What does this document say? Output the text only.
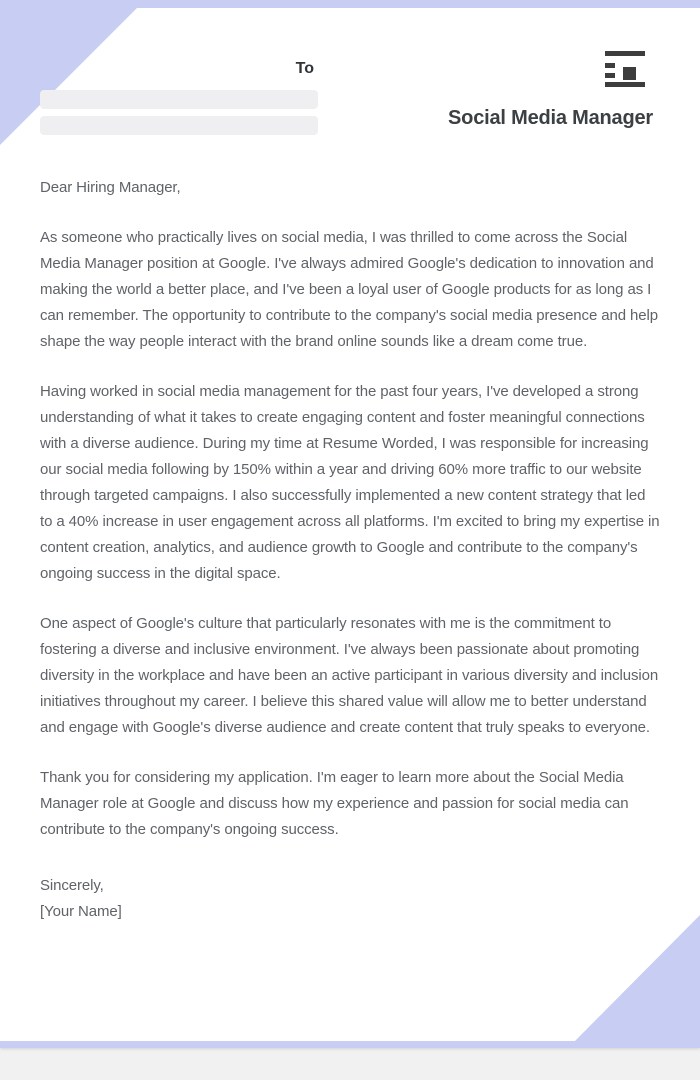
To
Social Media Manager

Dear Hiring Manager,

As someone who practically lives on social media, I was thrilled to come across the Social Media Manager position at Google. I've always admired Google's dedication to innovation and making the world a better place, and I've been a loyal user of Google products for as long as I can remember. The opportunity to contribute to the company's social media presence and help shape the way people interact with the brand online sounds like a dream come true.

Having worked in social media management for the past four years, I've developed a strong understanding of what it takes to create engaging content and foster meaningful connections with a diverse audience. During my time at Resume Worded, I was responsible for increasing our social media following by 150% within a year and driving 60% more traffic to our website through targeted campaigns. I also successfully implemented a new content strategy that led to a 40% increase in user engagement across all platforms. I'm excited to bring my expertise in content creation, analytics, and audience growth to Google and contribute to the company's ongoing success in the digital space.

One aspect of Google's culture that particularly resonates with me is the commitment to fostering a diverse and inclusive environment. I've always been passionate about promoting diversity in the workplace and have been an active participant in various diversity and inclusion initiatives throughout my career. I believe this shared value will allow me to better understand and engage with Google's diverse audience and create content that truly speaks to everyone.

Thank you for considering my application. I'm eager to learn more about the Social Media Manager role at Google and discuss how my experience and passion for social media can contribute to the company's ongoing success.

Sincerely,
[Your Name]
